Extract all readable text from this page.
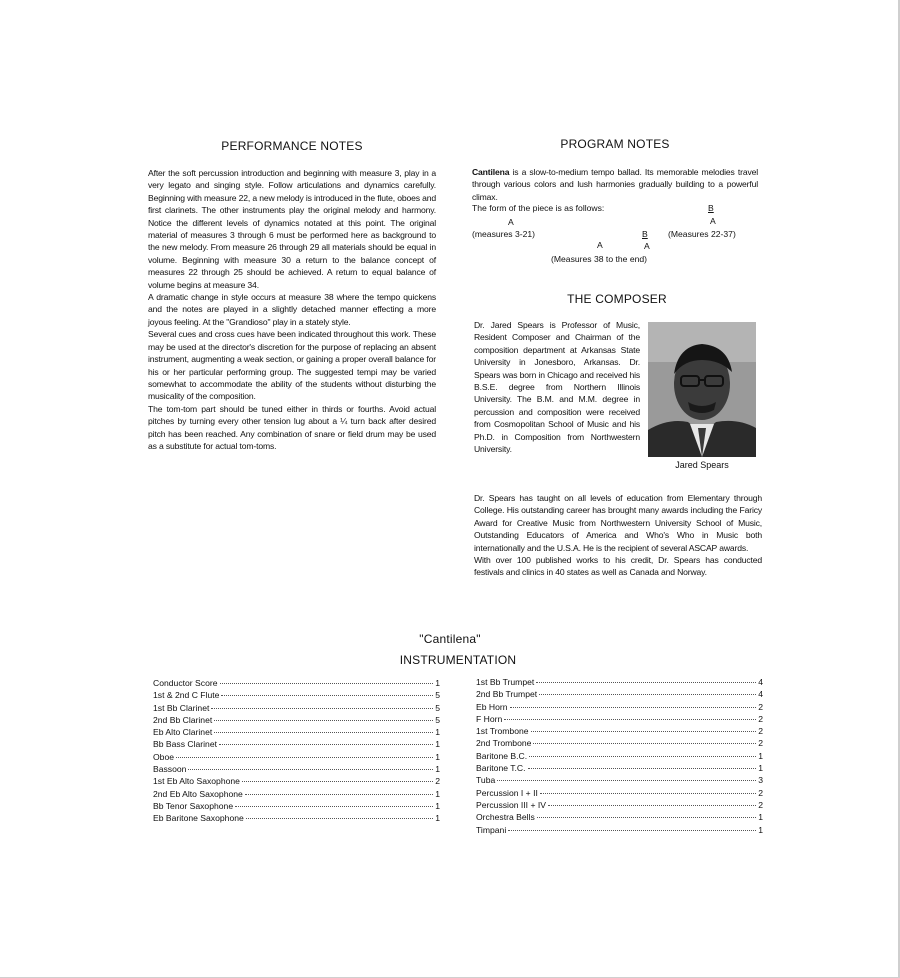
PERFORMANCE NOTES

After the soft percussion introduction and beginning with measure 3, play in a very legato and singing style. Follow articulations and dynamics carefully. Beginning with measure 22, a new melody is introduced in the flute, oboes and first clarinets. The other instruments play the original melody and harmony. Notice the different levels of dynamics notated at this point. The original material of measures 3 through 6 must be performed here as background to the new melody. From measure 26 through 29 all materials should be equal in volume. Beginning with measure 30 a return to the balance concept of measures 22 through 25 should be achieved. A return to equal balance of volume begins at measure 34.

A dramatic change in style occurs at measure 38 where the tempo quickens and the notes are played in a slightly detached manner effecting a more joyous feeling. At the "Grandioso" play in a stately style.

Several cues and cross cues have been indicated throughout this work. These may be used at the director's discretion for the purpose of replacing an absent instrument, augmenting a weak section, or gaining a proper overall balance for his or her particular performing group. The suggested tempi may be varied somewhat to accommodate the ability of the students without disturbing the musicality of the composition.

The tom-tom part should be tuned either in thirds or fourths. Avoid actual pitches by turning every other tension lug about a ¼ turn back after desired pitch has been reached. Any combination of snare or field drum may be used as a substitute for actual tom-toms.

PROGRAM NOTES

Cantilena is a slow-to-medium tempo ballad. Its memorable melodies travel through various colors and lush harmonies gradually building to a powerful climax.

The form of the piece is as follows:	B
A	A
(measures 3-21)	B (Measures 22-37)
A	A
(Measures 38 to the end)
THE COMPOSER
Dr. Jared Spears is Professor of Music, Resident Composer and Chairman of the composition department at Arkansas State University in Jonesboro, Arkansas. Dr. Spears was born in Chicago and received his B.S.E. degree from Northern Illinois University. The B.M. and M.M. degree in percussion and composition were received from Cosmopolitan School of Music and his Ph.D. in Composition from Northwestern University.
Jared Spears

Dr. Spears has taught on all levels of education from Elementary through College. His outstanding career has brought many awards including the Faricy Award for Creative Music from Northwestern University School of Music, Outstanding Educators of America and Who's Who in Music both internationally and the U.S.A. He is the recipient of several ASCAP awards.

With over 100 published works to his credit, Dr. Spears has conducted festivals and clinics in 40 states as well as Canada and Norway.

"Cantilena"
INSTRUMENTATION
Conductor Score	1
1st & 2nd C Flute	5
1st Bb Clarinet	5
2nd Bb Clarinet	5
Eb Alto Clarinet	1
Bb Bass Clarinet	1
Oboe	1
Bassoon	1
1st Eb Alto Saxophone	2
2nd Eb Alto Saxophone	1
Bb Tenor Saxophone	1
Eb Baritone Saxophone	1
1st Bb Trumpet	4
2nd Bb Trumpet	4
Eb Horn	2
F Horn	2
1st Trombone	2
2nd Trombone	2
Baritone B.C.	1
Baritone T.C.	1
Tuba	3
Percussion I + II	2
Percussion III + IV	2
Orchestra Bells	1
Timpani	1
